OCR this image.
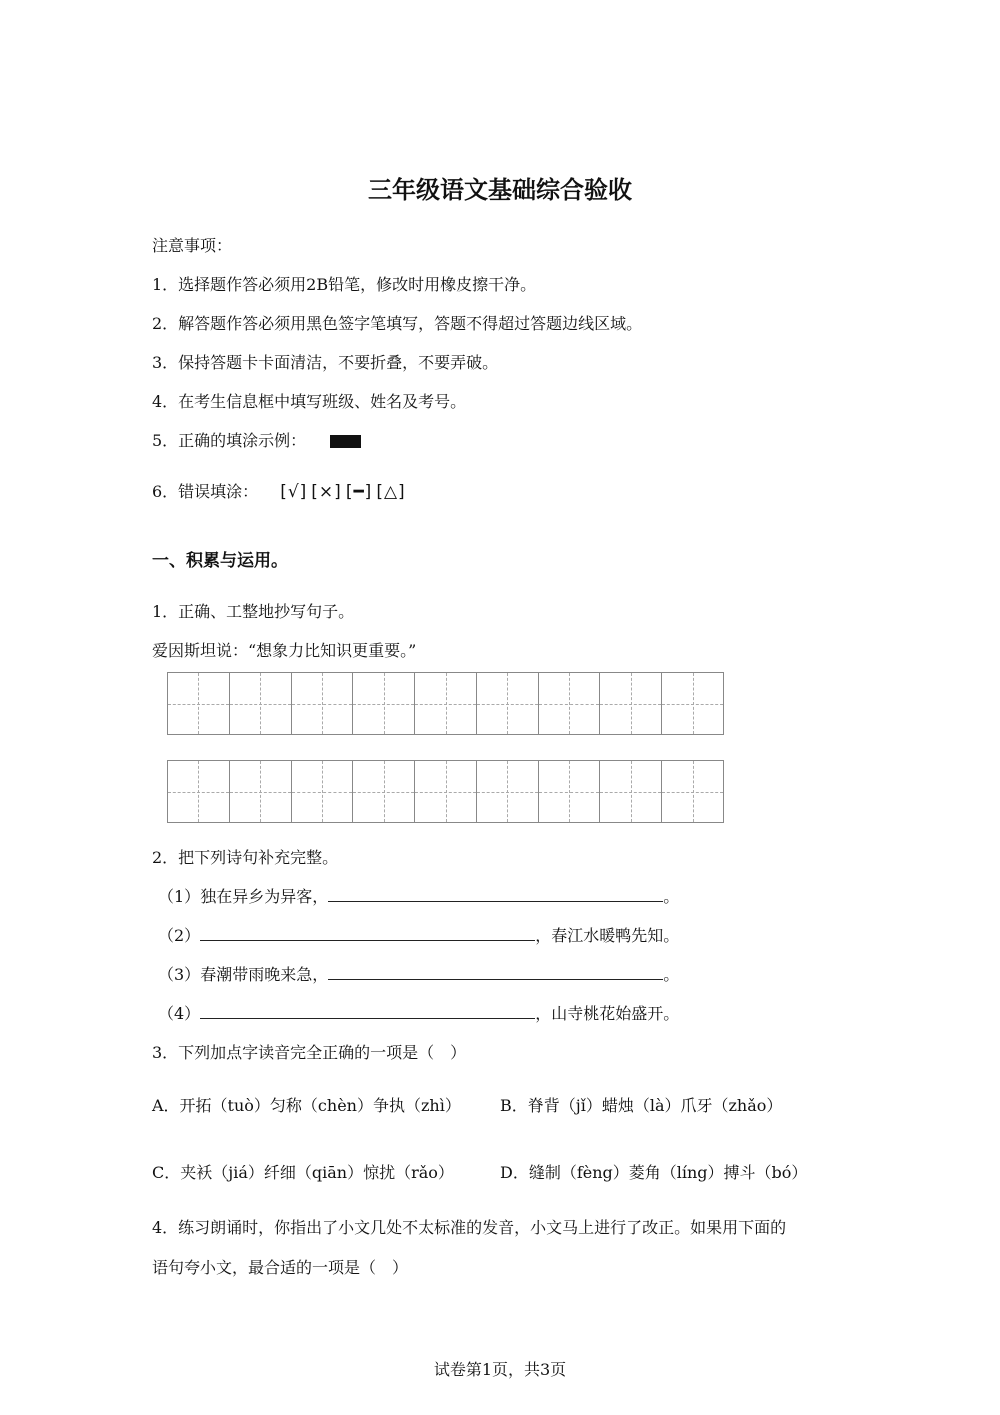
三年级语文基础综合验收
注意事项：
1．选择题作答必须用2B铅笔，修改时用橡皮擦干净。
2．解答题作答必须用黑色签字笔填写，答题不得超过答题边线区域。
3．保持答题卡卡面清洁，不要折叠，不要弄破。
4．在考生信息框中填写班级、姓名及考号。
5．正确的填涂示例：
6．错误填涂： [√] [×] [━] [△]
一、积累与运用。
1．正确、工整地抄写句子。
爱因斯坦说：“想象力比知识更重要。”
2．把下列诗句补充完整。
（1）独在异乡为异客，	。
（2）	，春江水暖鸭先知。
（3）春潮带雨晚来急，	。
（4）	，山寺桃花始盛开。
3．下列加点字读音完全正确的一项是（　）
A．开拓（tuò）匀称（chèn）争执（zhì） B．脊背（jǐ）蜡烛（là）爪牙（zhǎo）
C．夹袄（jiá）纤细（qiān）惊扰（rǎo）	D．缝制（fèng）菱角（líng）搏斗（bó）
4．练习朗诵时，你指出了小文几处不太标准的发音，小文马上进行了改正。如果用下面的
语句夸小文，最合适的一项是（　）
试卷第1页，共3页
